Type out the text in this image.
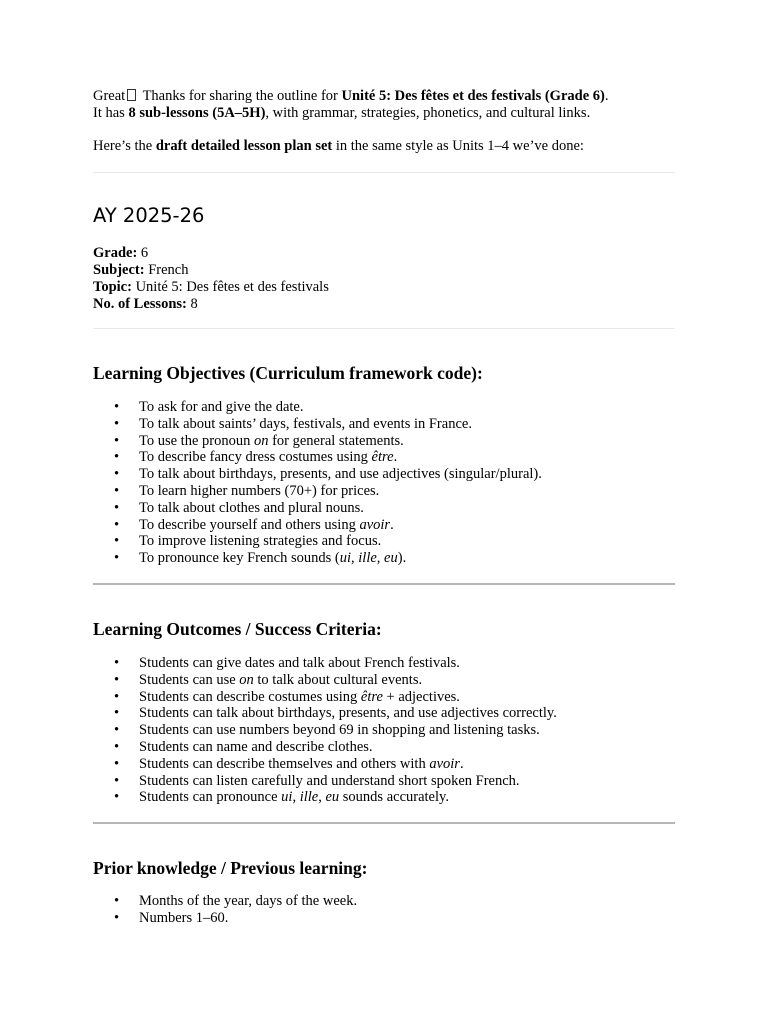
Great Thanks for sharing the outline for Unité 5: Des fêtes et des festivals (Grade 6).
It has 8 sub-lessons (5A–5H), with grammar, strategies, phonetics, and cultural links.

Here’s the draft detailed lesson plan set in the same style as Units 1–4 we’ve done:

AY 2025-26
Grade: 6
Subject: French
Topic: Unité 5: Des fêtes et des festivals
No. of Lessons: 8
Learning Objectives (Curriculum framework code):
• To ask for and give the date.
• To talk about saints’ days, festivals, and events in France.
• To use the pronoun on for general statements.
• To describe fancy dress costumes using être.
• To talk about birthdays, presents, and use adjectives (singular/plural).
• To learn higher numbers (70+) for prices.
• To talk about clothes and plural nouns.
• To describe yourself and others using avoir.
• To improve listening strategies and focus.
• To pronounce key French sounds (ui, ille, eu).
Learning Outcomes / Success Criteria:
• Students can give dates and talk about French festivals.
• Students can use on to talk about cultural events.
• Students can describe costumes using être + adjectives.
• Students can talk about birthdays, presents, and use adjectives correctly.
• Students can use numbers beyond 69 in shopping and listening tasks.
• Students can name and describe clothes.
• Students can describe themselves and others with avoir.
• Students can listen carefully and understand short spoken French.
• Students can pronounce ui, ille, eu sounds accurately.
Prior knowledge / Previous learning:
• Months of the year, days of the week.
• Numbers 1–60.
